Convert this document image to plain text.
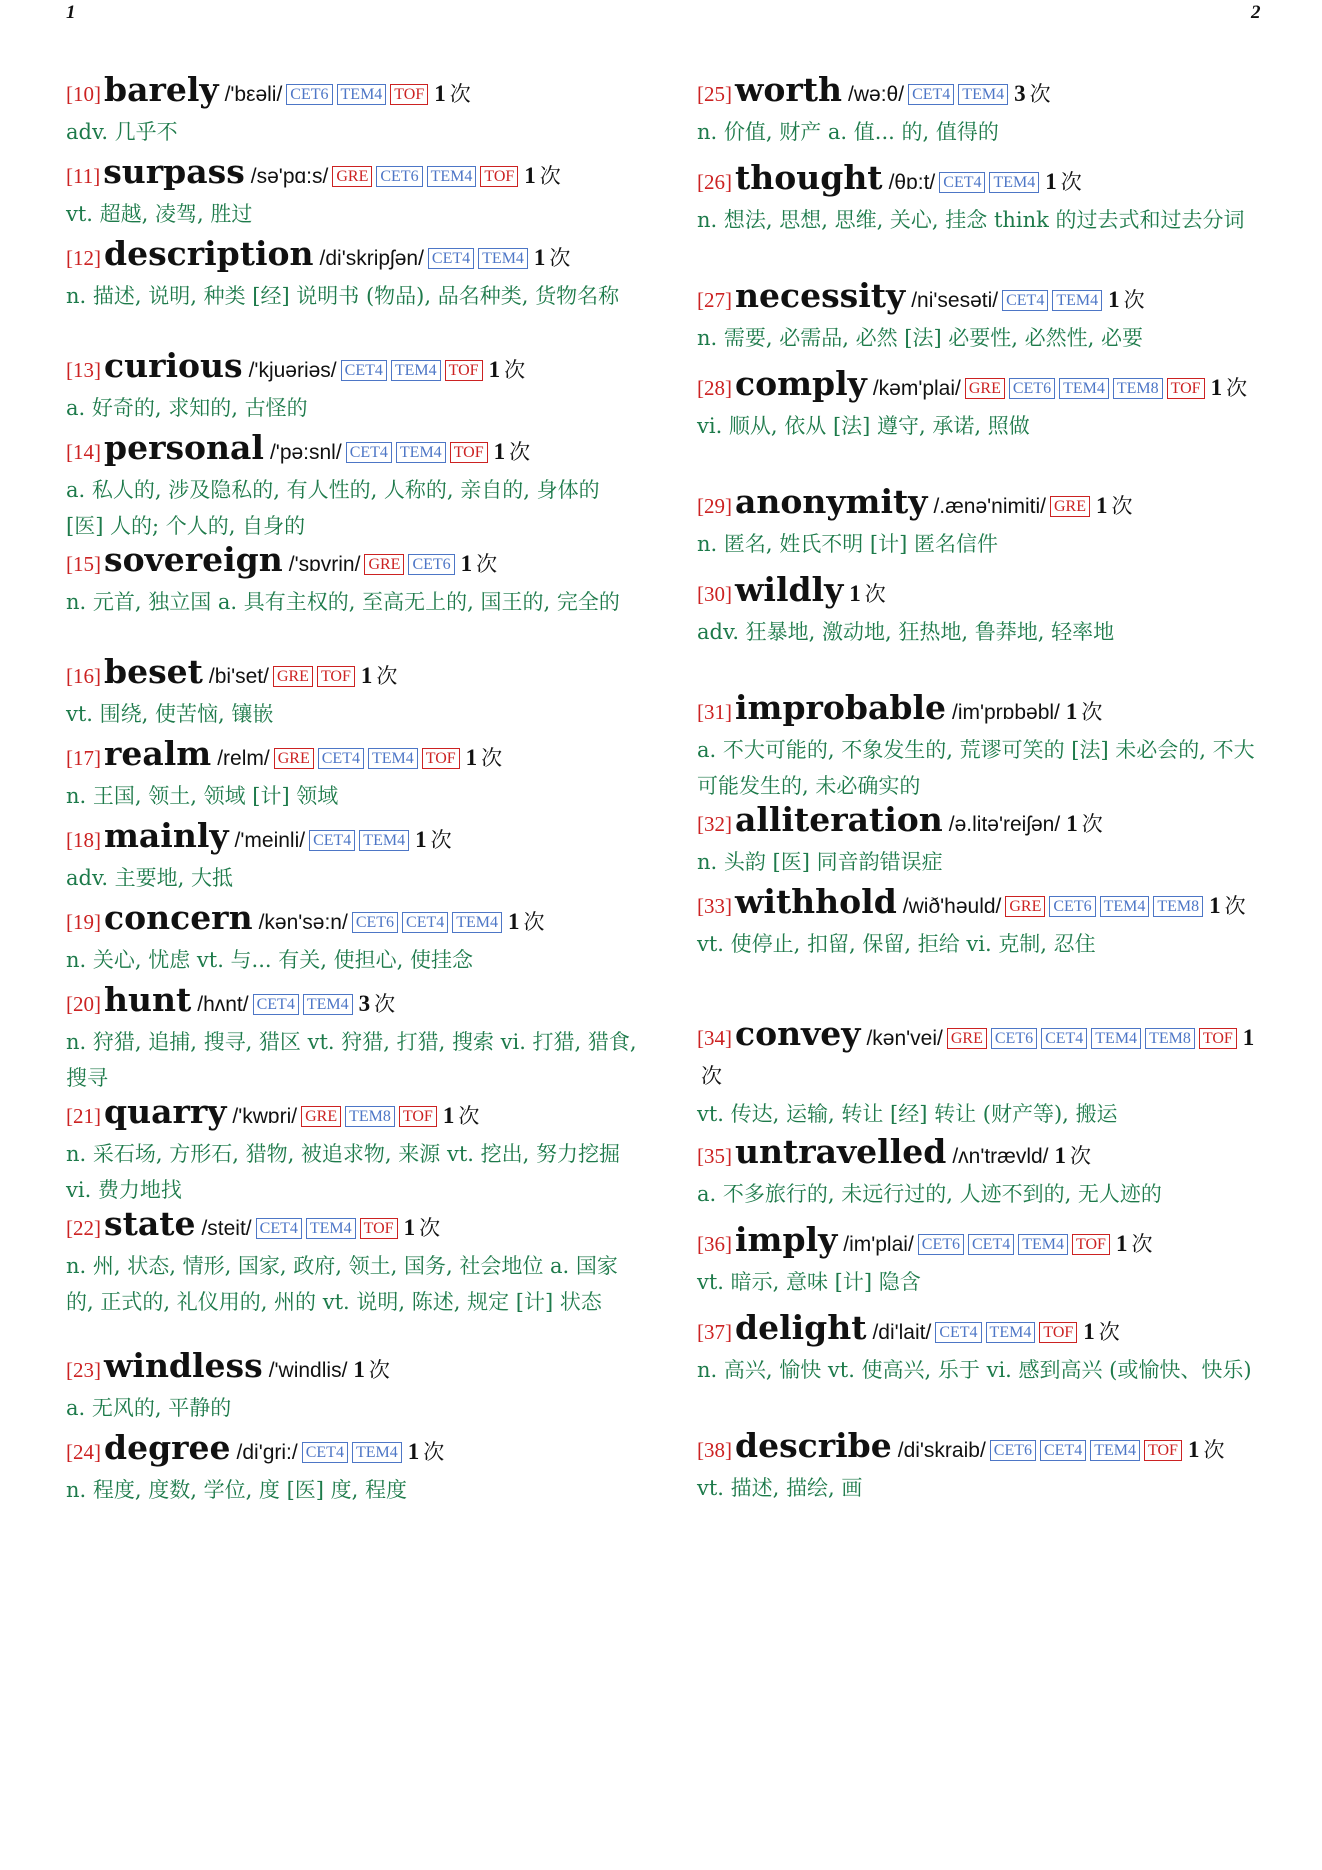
1	2
[10]barely /'bεəli/ CET6 TEM4 TOF 1 次
adv. 几乎不
[11]surpass /sə'pɑ:s/ GRE CET6 TEM4 TOF 1 次
vt. 超越, 凌驾, 胜过
[12]description /di'skripʃən/ CET4 TEM4 1 次
n. 描述, 说明, 种类 [经] 说明书 (物品), 品名种类, 货物名称
[13]curious /'kjuəriəs/ CET4 TEM4 TOF 1 次
a. 好奇的, 求知的, 古怪的
[14]personal /'pə:snl/ CET4 TEM4 TOF 1 次
a. 私人的, 涉及隐私的, 有人性的, 人称的, 亲自的, 身体的 [医] 人的; 个人的, 自身的
[15]sovereign /'sɒvrin/ GRE CET6 1 次
n. 元首, 独立国 a. 具有主权的, 至高无上的, 国王的, 完全的
[16]beset /bi'set/ GRE TOF 1 次
vt. 围绕, 使苦恼, 镶嵌
[17]realm /relm/ GRE CET4 TEM4 TOF 1 次
n. 王国, 领土, 领域 [计] 领域
[18]mainly /'meinli/ CET4 TEM4 1 次
adv. 主要地, 大抵
[19]concern /kən'sə:n/ CET6 CET4 TEM4 1 次
n. 关心, 忧虑 vt. 与... 有关, 使担心, 使挂念
[20]hunt /hʌnt/ CET4 TEM4 3 次
n. 狩猎, 追捕, 搜寻, 猎区 vt. 狩猎, 打猎, 搜索 vi. 打猎, 猎食, 搜寻
[21]quarry /'kwɒri/ GRE TEM8 TOF 1 次
n. 采石场, 方形石, 猎物, 被追求物, 来源 vt. 挖出, 努力挖掘 vi. 费力地找
[22]state /steit/ CET4 TEM4 TOF 1 次
n. 州, 状态, 情形, 国家, 政府, 领土, 国务, 社会地位 a. 国家的, 正式的, 礼仪用的, 州的 vt. 说明, 陈述, 规定 [计] 状态
[23]windless /'windlis/ 1 次
a. 无风的, 平静的
[24]degree /di'gri:/ CET4 TEM4 1 次
n. 程度, 度数, 学位, 度 [医] 度, 程度
[25]worth /wə:θ/ CET4 TEM4 3 次
n. 价值, 财产 a. 值... 的, 值得的
[26]thought /θɒ:t/ CET4 TEM4 1 次
n. 想法, 思想, 思维, 关心, 挂念 think 的过去式和过去分词
[27]necessity /ni'sesəti/ CET4 TEM4 1 次
n. 需要, 必需品, 必然 [法] 必要性, 必然性, 必要
[28]comply /kəm'plai/ GRE CET6 TEM4 TEM8 TOF 1 次
vi. 顺从, 依从 [法] 遵守, 承诺, 照做
[29]anonymity /.ænə'nimiti/ GRE 1 次
n. 匿名, 姓氏不明 [计] 匿名信件
[30]wildly 1 次
adv. 狂暴地, 激动地, 狂热地, 鲁莽地, 轻率地
[31]improbable /im'prɒbəbl/ 1 次
a. 不大可能的, 不象发生的, 荒谬可笑的 [法] 未必会的, 不大可能发生的, 未必确实的
[32]alliteration /ə.litə'reiʃən/ 1 次
n. 头韵 [医] 同音韵错误症
[33]withhold /wið'həuld/ GRE CET6 TEM4 TEM8 1 次
vt. 使停止, 扣留, 保留, 拒给 vi. 克制, 忍住
[34]convey /kən'vei/ GRE CET6 CET4 TEM4 TEM8 TOF 1次
vt. 传达, 运输, 转让 [经] 转让 (财产等), 搬运
[35]untravelled /ʌn'trævld/ 1 次
a. 不多旅行的, 未远行过的, 人迹不到的, 无人迹的
[36]imply /im'plai/ CET6 CET4 TEM4 TOF 1 次
vt. 暗示, 意味 [计] 隐含
[37]delight /di'lait/ CET4 TEM4 TOF 1 次
n. 高兴, 愉快 vt. 使高兴, 乐于 vi. 感到高兴 (或愉快、快乐)
[38]describe /di'skraib/ CET6 CET4 TEM4 TOF 1 次
vt. 描述, 描绘, 画
